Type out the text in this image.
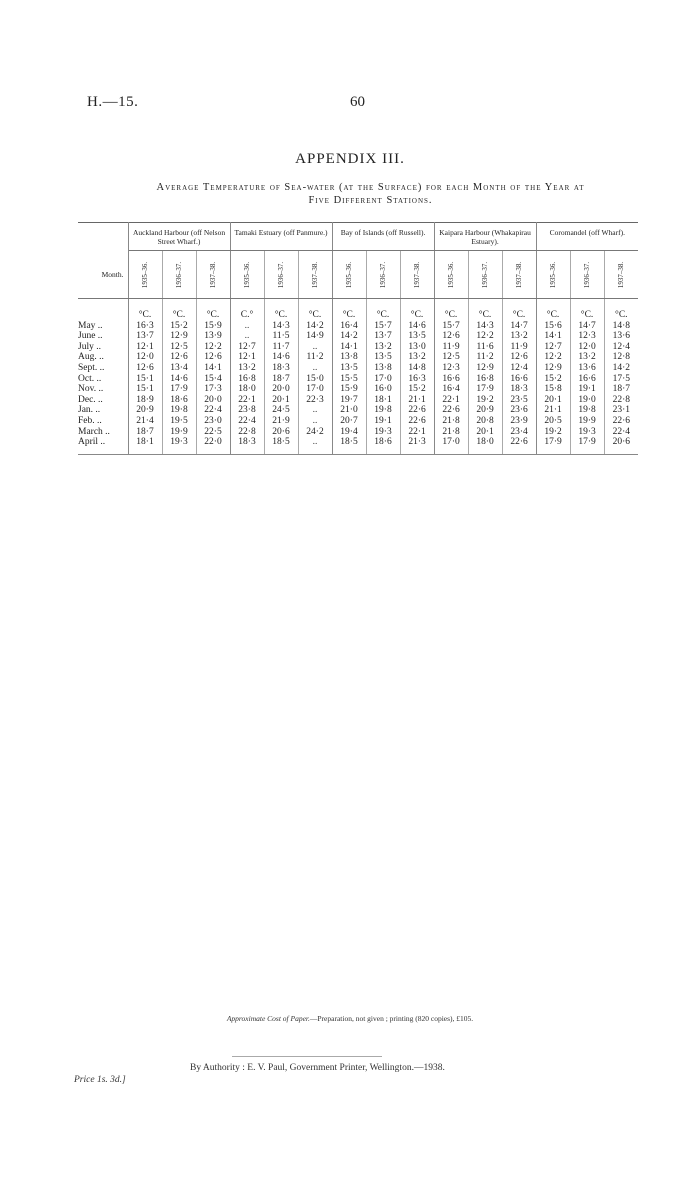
H.—15.	60
APPENDIX III.
Average Temperature of Sea-water (at the Surface) for each Month of the Year at
Five Different Stations.
	Auckland Harbour (off Nelson Street Wharf.)			Tamaki Estuary (off Panmure.)			Bay of Islands (off Russell).			Kaipara Harbour (Whakapirau Estuary).			Coromandel (off Wharf).		
Month.	1935–36.	1936–37.	1937–38.	1935–36.	1936–37.	1937–38.	1935–36.	1936–37.	1937–38.	1935–36.	1936–37.	1937–38.	1935–36.	1936–37.	1937–38.
	°C.	°C.	°C.	C.°	°C.	°C.	°C.	°C.	°C.	°C.	°C.	°C.	°C.	°C.	°C.
May ..	16·3	15·2	15·9	..	14·3	14·2	16·4	15·7	14·6	15·7	14·3	14·7	15·6	14·7	14·8
June ..	13·7	12·9	13·9	..	11·5	14·9	14·2	13·7	13·5	12·6	12·2	13·2	14·1	12·3	13·6
July ..	12·1	12·5	12·2	12·7	11·7	..	14·1	13·2	13·0	11·9	11·6	11·9	12·7	12·0	12·4
Aug. ..	12·0	12·6	12·6	12·1	14·6	11·2	13·8	13·5	13·2	12·5	11·2	12·6	12·2	13·2	12·8
Sept. ..	12·6	13·4	14·1	13·2	18·3	..	13·5	13·8	14·8	12·3	12·9	12·4	12·9	13·6	14·2
Oct. ..	15·1	14·6	15·4	16·8	18·7	15·0	15·5	17·0	16·3	16·6	16·8	16·6	15·2	16·6	17·5
Nov. ..	15·1	17·9	17·3	18·0	20·0	17·0	15·9	16·0	15·2	16·4	17·9	18·3	15·8	19·1	18·7
Dec. ..	18·9	18·6	20·0	22·1	20·1	22·3	19·7	18·1	21·1	22·1	19·2	23·5	20·1	19·0	22·8
Jan. ..	20·9	19·8	22·4	23·8	24·5	..	21·0	19·8	22·6	22·6	20·9	23·6	21·1	19·8	23·1
Feb. ..	21·4	19·5	23·0	22·4	21·9	..	20·7	19·1	22·6	21·8	20·8	23·9	20·5	19·9	22·6
March ..	18·7	19·9	22·5	22·8	20·6	24·2	19·4	19·3	22·1	21·8	20·1	23·4	19·2	19·3	22·4
April ..	18·1	19·3	22·0	18·3	18·5	..	18·5	18·6	21·3	17·0	18·0	22·6	17·9	17·9	20·6
Approximate Cost of Paper.—Preparation, not given ; printing (820 copies), £105.
By Authority : E. V. Paul, Government Printer, Wellington.—1938.
Price 1s. 3d.]
